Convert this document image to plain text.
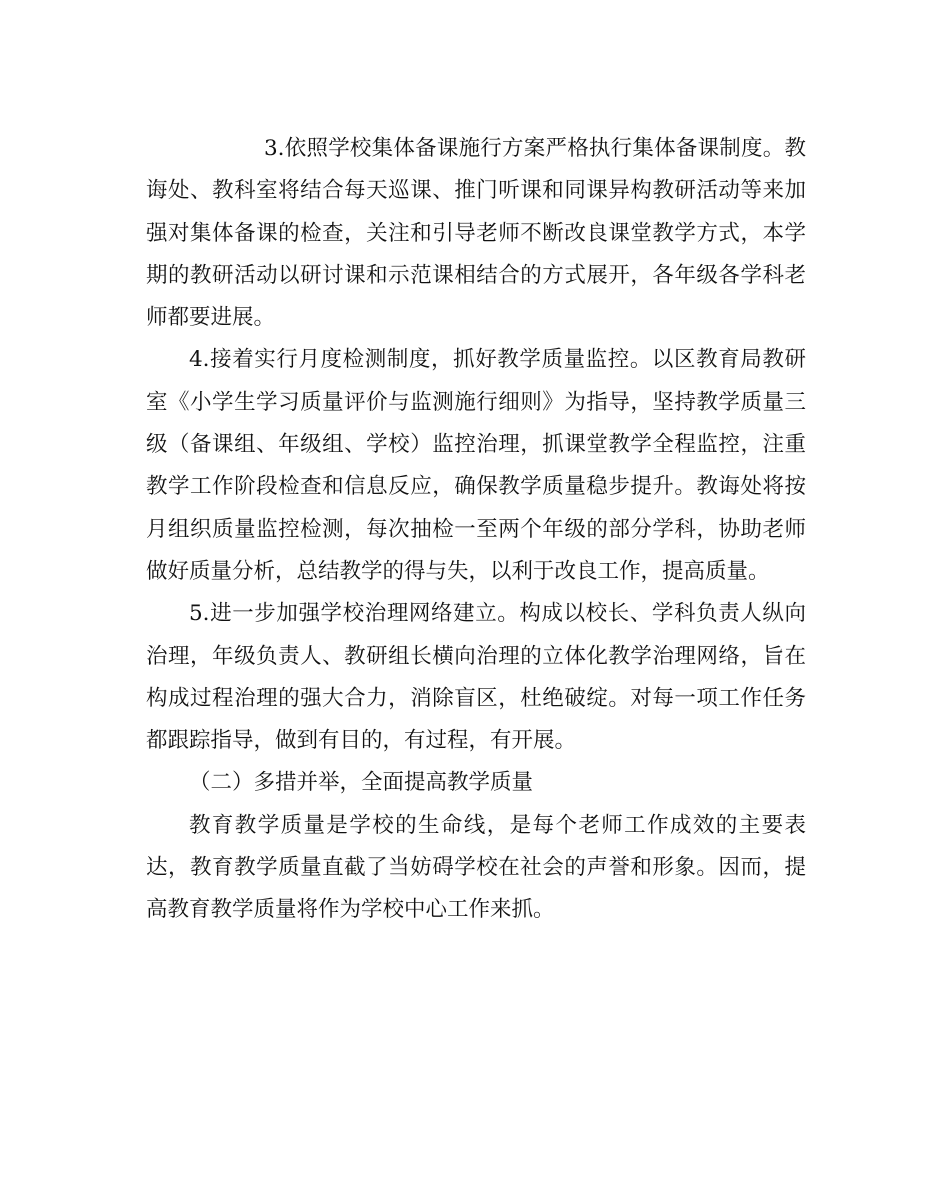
3.依照学校集体备课施行方案严格执行集体备课制度。教诲处、教科室将结合每天巡课、推门听课和同课异构教研活动等来加强对集体备课的检查，关注和引导老师不断改良课堂教学方式，本学期的教研活动以研讨课和示范课相结合的方式展开，各年级各学科老师都要进展。

4.接着实行月度检测制度，抓好教学质量监控。以区教育局教研室《小学生学习质量评价与监测施行细则》为指导，坚持教学质量三级（备课组、年级组、学校）监控治理，抓课堂教学全程监控，注重教学工作阶段检查和信息反应，确保教学质量稳步提升。教诲处将按月组织质量监控检测，每次抽检一至两个年级的部分学科，协助老师做好质量分析，总结教学的得与失，以利于改良工作，提高质量。

5.进一步加强学校治理网络建立。构成以校长、学科负责人纵向治理，年级负责人、教研组长横向治理的立体化教学治理网络，旨在构成过程治理的强大合力，消除盲区，杜绝破绽。对每一项工作任务都跟踪指导，做到有目的，有过程，有开展。

（二）多措并举，全面提高教学质量

教育教学质量是学校的生命线，是每个老师工作成效的主要表达，教育教学质量直截了当妨碍学校在社会的声誉和形象。因而，提高教育教学质量将作为学校中心工作来抓。
